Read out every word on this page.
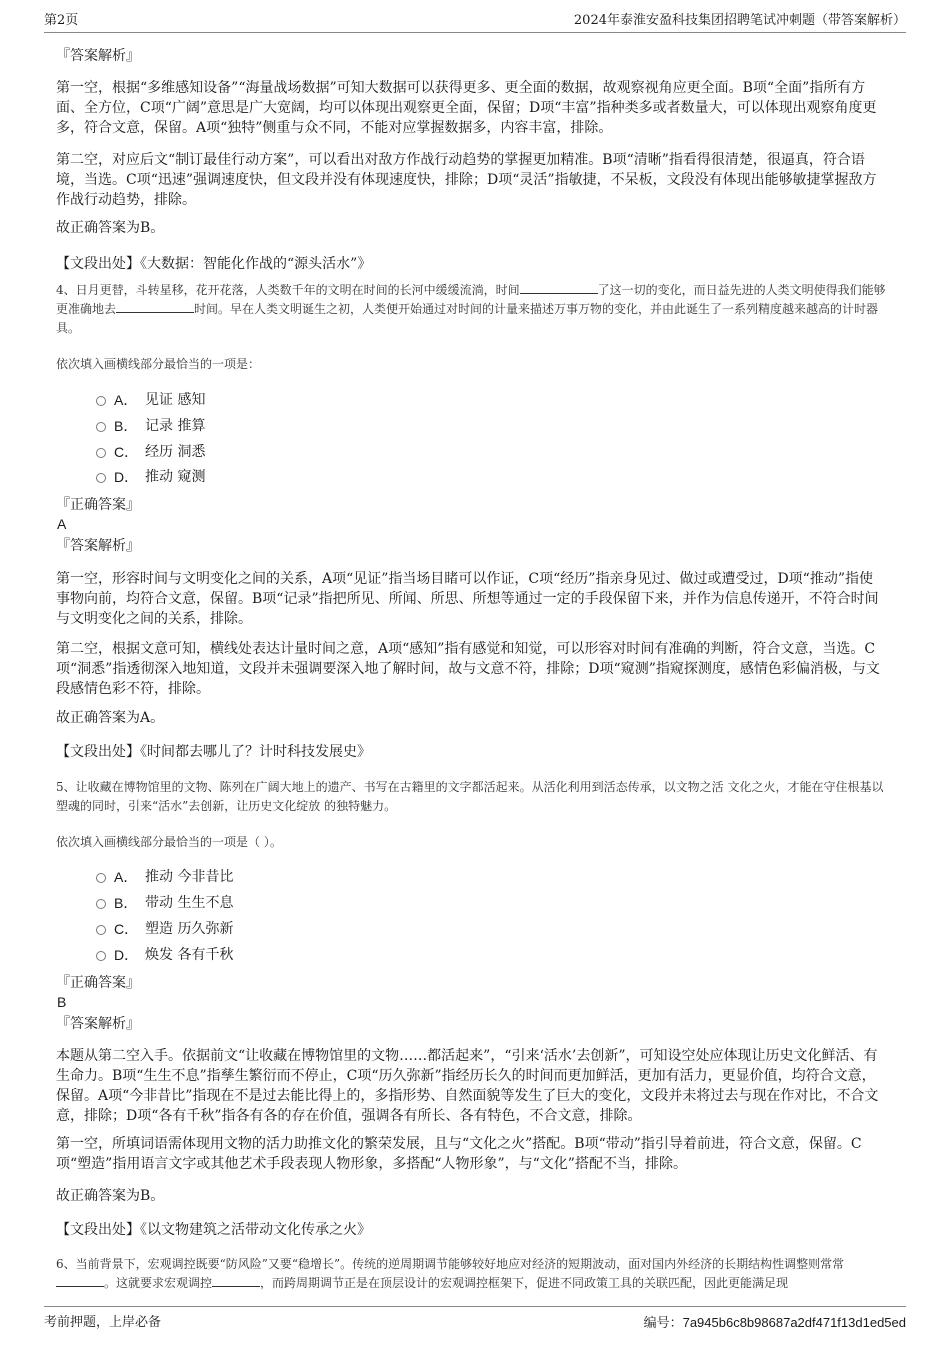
第2页	2024年泰淮安盈科技集团招聘笔试冲刺题（带答案解析）

『答案解析』

第一空，根据“多维感知设备”“海量战场数据”可知大数据可以获得更多、更全面的数据，故观察视角应更全面。B项“全面”指所有方面、全方位，C项“广阔”意思是广大宽阔，均可以体现出观察更全面，保留；D项“丰富”指种类多或者数量大，可以体现出观察角度更多，符合文意，保留。A项“独特”侧重与众不同，不能对应掌握数据多，内容丰富，排除。

第二空，对应后文“制订最佳行动方案”，可以看出对敌方作战行动趋势的掌握更加精准。B项“清晰”指看得很清楚，很逼真，符合语境，当选。C项“迅速”强调速度快，但文段并没有体现速度快，排除；D项“灵活”指敏捷，不呆板，文段没有体现出能够敏捷掌握敌方作战行动趋势，排除。

故正确答案为B。

【文段出处】《大数据：智能化作战的“源头活水”》

4、日月更替，斗转星移，花开花落，人类数千年的文明在时间的长河中缓缓流淌，时间	了这一切的变化，而日益先进的人类文明使得我们能够更准确地去	时间。早在人类文明诞生之初，人类便开始通过对时间的计量来描述万事万物的变化，并由此诞生了一系列精度越来越高的计时器具。

依次填入画横线部分最恰当的一项是：

A． 见证 感知
B． 记录 推算
C． 经历 洞悉
D． 推动 窥测

『正确答案』

A

『答案解析』

第一空，形容时间与文明变化之间的关系，A项“见证”指当场目睹可以作证，C项“经历”指亲身见过、做过或遭受过，D项“推动”指使事物向前，均符合文意，保留。B项“记录”指把所见、所闻、所思、所想等通过一定的手段保留下来，并作为信息传递开，不符合时间与文明变化之间的关系，排除。

第二空，根据文意可知，横线处表达计量时间之意，A项“感知”指有感觉和知觉，可以形容对时间有准确的判断，符合文意，当选。C项“洞悉”指透彻深入地知道，文段并未强调要深入地了解时间，故与文意不符，排除；D项“窥测”指窥探测度，感情色彩偏消极，与文段感情色彩不符，排除。

故正确答案为A。

【文段出处】《时间都去哪儿了？计时科技发展史》

5、让收藏在博物馆里的文物、陈列在广阔大地上的遗产、书写在古籍里的文字都活起来。从活化利用到活态传承，以文物之活 文化之火，才能在守住根基以塑魂的同时，引来“活水”去创新，让历史文化绽放 的独特魅力。

依次填入画横线部分最恰当的一项是（ ）。

A． 推动 今非昔比
B． 带动 生生不息
C． 塑造 历久弥新
D． 焕发 各有千秋

『正确答案』

B

『答案解析』

本题从第二空入手。依据前文“让收藏在博物馆里的文物……都活起来”，“引来‘活水’去创新”，可知设空处应体现让历史文化鲜活、有生命力。B项“生生不息”指孳生繁衍而不停止，C项“历久弥新”指经历长久的时间而更加鲜活，更加有活力，更显价值，均符合文意，保留。A项“今非昔比”指现在不是过去能比得上的，多指形势、自然面貌等发生了巨大的变化，文段并未将过去与现在作对比，不合文意，排除；D项“各有千秋”指各有各的存在价值，强调各有所长、各有特色，不合文意，排除。

第一空，所填词语需体现用文物的活力助推文化的繁荣发展，且与“文化之火”搭配。B项“带动”指引导着前进，符合文意，保留。C项“塑造”指用语言文字或其他艺术手段表现人物形象，多搭配“人物形象”，与“文化”搭配不当，排除。

故正确答案为B。

【文段出处】《以文物建筑之活带动文化传承之火》

6、当前背景下，宏观调控既要“防风险”又要“稳增长”。传统的逆周期调节能够较好地应对经济的短期波动，面对国内外经济的长期结构性调整则常常。这就要求宏观调控	，而跨周期调节正是在顶层设计的宏观调控框架下，促进不同政策工具的关联匹配，因此更能满足现

考前押题，上岸必备	编号：7a945b6c8b98687a2df471f13d1ed5ed
